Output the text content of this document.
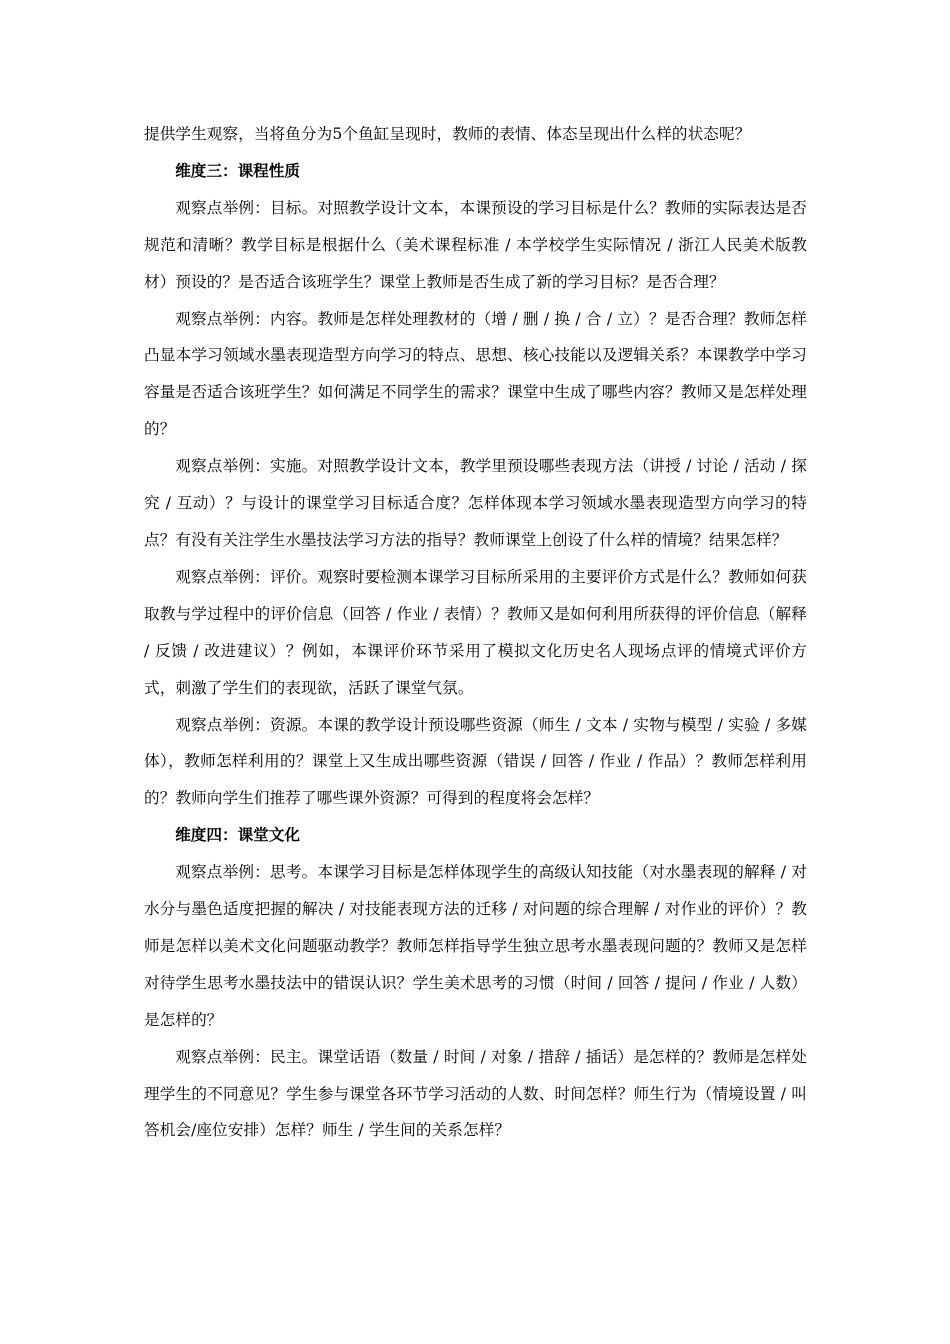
提供学生观察，当将鱼分为5个鱼缸呈现时，教师的表情、体态呈现出什么样的状态呢？

维度三：课程性质

观察点举例：目标。对照教学设计文本，本课预设的学习目标是什么？教师的实际表达是否规范和清晰？教学目标是根据什么（美术课程标准 / 本学校学生实际情况 / 浙江人民美术版教材）预设的？是否适合该班学生？课堂上教师是否生成了新的学习目标？是否合理？

观察点举例：内容。教师是怎样处理教材的（增 / 删 / 换 / 合 / 立）？是否合理？教师怎样凸显本学习领域水墨表现造型方向学习的特点、思想、核心技能以及逻辑关系？本课教学中学习容量是否适合该班学生？如何满足不同学生的需求？课堂中生成了哪些内容？教师又是怎样处理的？

观察点举例：实施。对照教学设计文本，教学里预设哪些表现方法（讲授 / 讨论 / 活动 / 探究 / 互动）？与设计的课堂学习目标适合度？怎样体现本学习领域水墨表现造型方向学习的特点？有没有关注学生水墨技法学习方法的指导？教师课堂上创设了什么样的情境？结果怎样？

观察点举例：评价。观察时要检测本课学习目标所采用的主要评价方式是什么？教师如何获取教与学过程中的评价信息（回答 / 作业 / 表情）？教师又是如何利用所获得的评价信息（解释 / 反馈 / 改进建议）？例如，本课评价环节采用了模拟文化历史名人现场点评的情境式评价方式，刺激了学生们的表现欲，活跃了课堂气氛。

观察点举例：资源。本课的教学设计预设哪些资源（师生 / 文本 / 实物与模型 / 实验 / 多媒体），教师怎样利用的？课堂上又生成出哪些资源（错误 / 回答 / 作业 / 作品）？教师怎样利用的？教师向学生们推荐了哪些课外资源？可得到的程度将会怎样？

维度四：课堂文化

观察点举例：思考。本课学习目标是怎样体现学生的高级认知技能（对水墨表现的解释 / 对水分与墨色适度把握的解决 / 对技能表现方法的迁移 / 对问题的综合理解 / 对作业的评价）？教师是怎样以美术文化问题驱动教学？教师怎样指导学生独立思考水墨表现问题的？教师又是怎样对待学生思考水墨技法中的错误认识？学生美术思考的习惯（时间 / 回答 / 提问 / 作业 / 人数）是怎样的？

观察点举例：民主。课堂话语（数量 / 时间 / 对象 / 措辞 / 插话）是怎样的？教师是怎样处理学生的不同意见？学生参与课堂各环节学习活动的人数、时间怎样？师生行为（情境设置 / 叫答机会/座位安排）怎样？师生 / 学生间的关系怎样？
